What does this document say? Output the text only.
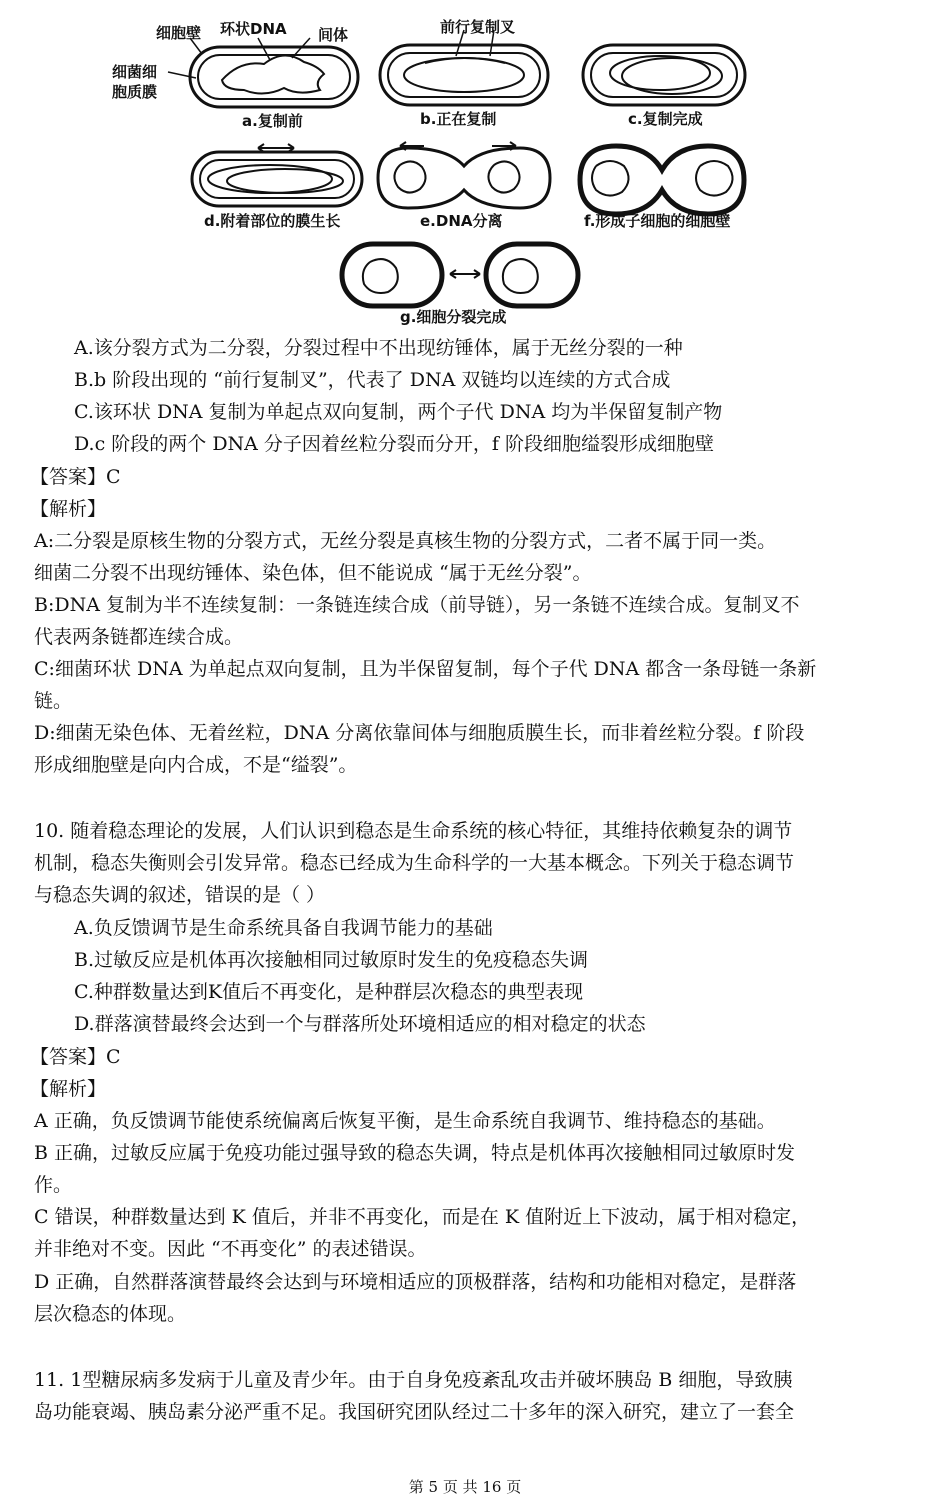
细胞壁 环状DNA 间体
细菌细
胞质膜
前行复制叉
a.复制前	b.正在复制	c.复制完成
d.附着部位的膜生长	e.DNA分离	f.形成子细胞的细胞壁
g.细胞分裂完成
A.该分裂方式为二分裂，分裂过程中不出现纺锤体，属于无丝分裂的一种
B.b 阶段出现的 “前行复制叉”，代表了 DNA 双链均以连续的方式合成
C.该环状 DNA 复制为单起点双向复制，两个子代 DNA 均为半保留复制产物
D.c 阶段的两个 DNA 分子因着丝粒分裂而分开，f 阶段细胞缢裂形成细胞壁
【答案】C
【解析】
A:二分裂是原核生物的分裂方式，无丝分裂是真核生物的分裂方式，二者不属于同一类。
细菌二分裂不出现纺锤体、染色体，但不能说成 “属于无丝分裂”。
B:DNA 复制为半不连续复制：一条链连续合成（前导链），另一条链不连续合成。复制叉不
代表两条链都连续合成。
C:细菌环状 DNA 为单起点双向复制，且为半保留复制，每个子代 DNA 都含一条母链一条新
链。
D:细菌无染色体、无着丝粒，DNA 分离依靠间体与细胞质膜生长，而非着丝粒分裂。f 阶段
形成细胞壁是向内合成，不是“缢裂”。
10. 随着稳态理论的发展，人们认识到稳态是生命系统的核心特征，其维持依赖复杂的调节
机制，稳态失衡则会引发异常。稳态已经成为生命科学的一大基本概念。下列关于稳态调节
与稳态失调的叙述，错误的是（ ）
A.负反馈调节是生命系统具备自我调节能力的基础
B.过敏反应是机体再次接触相同过敏原时发生的免疫稳态失调
C.种群数量达到K值后不再变化，是种群层次稳态的典型表现
D.群落演替最终会达到一个与群落所处环境相适应的相对稳定的状态
【答案】C
【解析】
A 正确，负反馈调节能使系统偏离后恢复平衡，是生命系统自我调节、维持稳态的基础。
B 正确，过敏反应属于免疫功能过强导致的稳态失调，特点是机体再次接触相同过敏原时发
作。
C 错误，种群数量达到 K 值后，并非不再变化，而是在 K 值附近上下波动，属于相对稳定，
并非绝对不变。因此 “不再变化” 的表述错误。
D 正确，自然群落演替最终会达到与环境相适应的顶极群落，结构和功能相对稳定，是群落
层次稳态的体现。
11. 1型糖尿病多发病于儿童及青少年。由于自身免疫紊乱攻击并破坏胰岛 B 细胞，导致胰
岛功能衰竭、胰岛素分泌严重不足。我国研究团队经过二十多年的深入研究，建立了一套全
第 5 页 共 16 页
